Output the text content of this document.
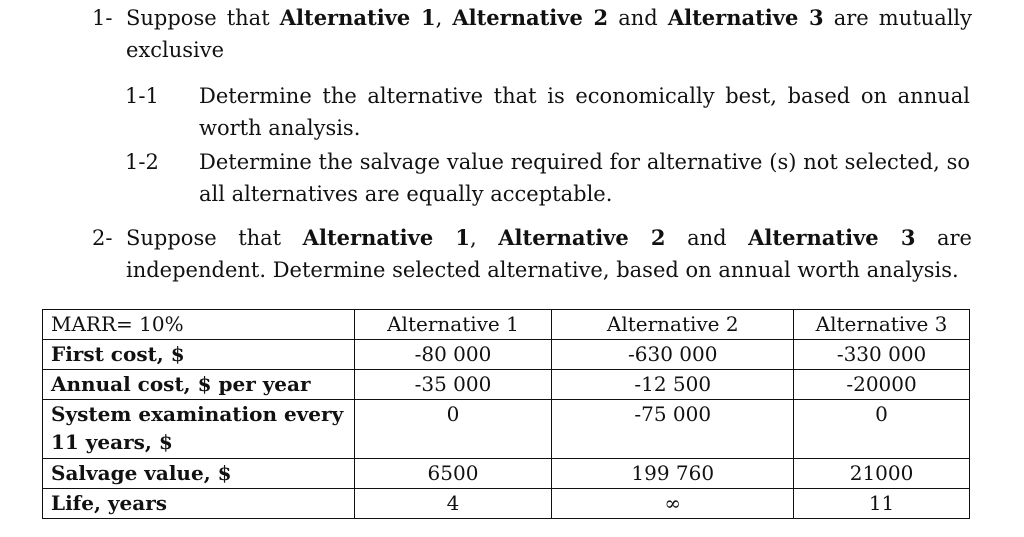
1- Suppose that Alternative 1, Alternative 2 and Alternative 3 are mutually exclusive
1-1 Determine the alternative that is economically best, based on annual worth analysis.
1-2 Determine the salvage value required for alternative (s) not selected, so all alternatives are equally acceptable.
2- Suppose that Alternative 1, Alternative 2 and Alternative 3 are independent. Determine selected alternative, based on annual worth analysis.
MARR= 10%	Alternative 1	Alternative 2	Alternative 3
First cost, $	-80 000	-630 000	-330 000
Annual cost, $ per year	-35 000	-12 500	-20000
System examination every 11 years, $	0	-75 000	0
Salvage value, $	6500	199 760	21000
Life, years	4	∞	11
